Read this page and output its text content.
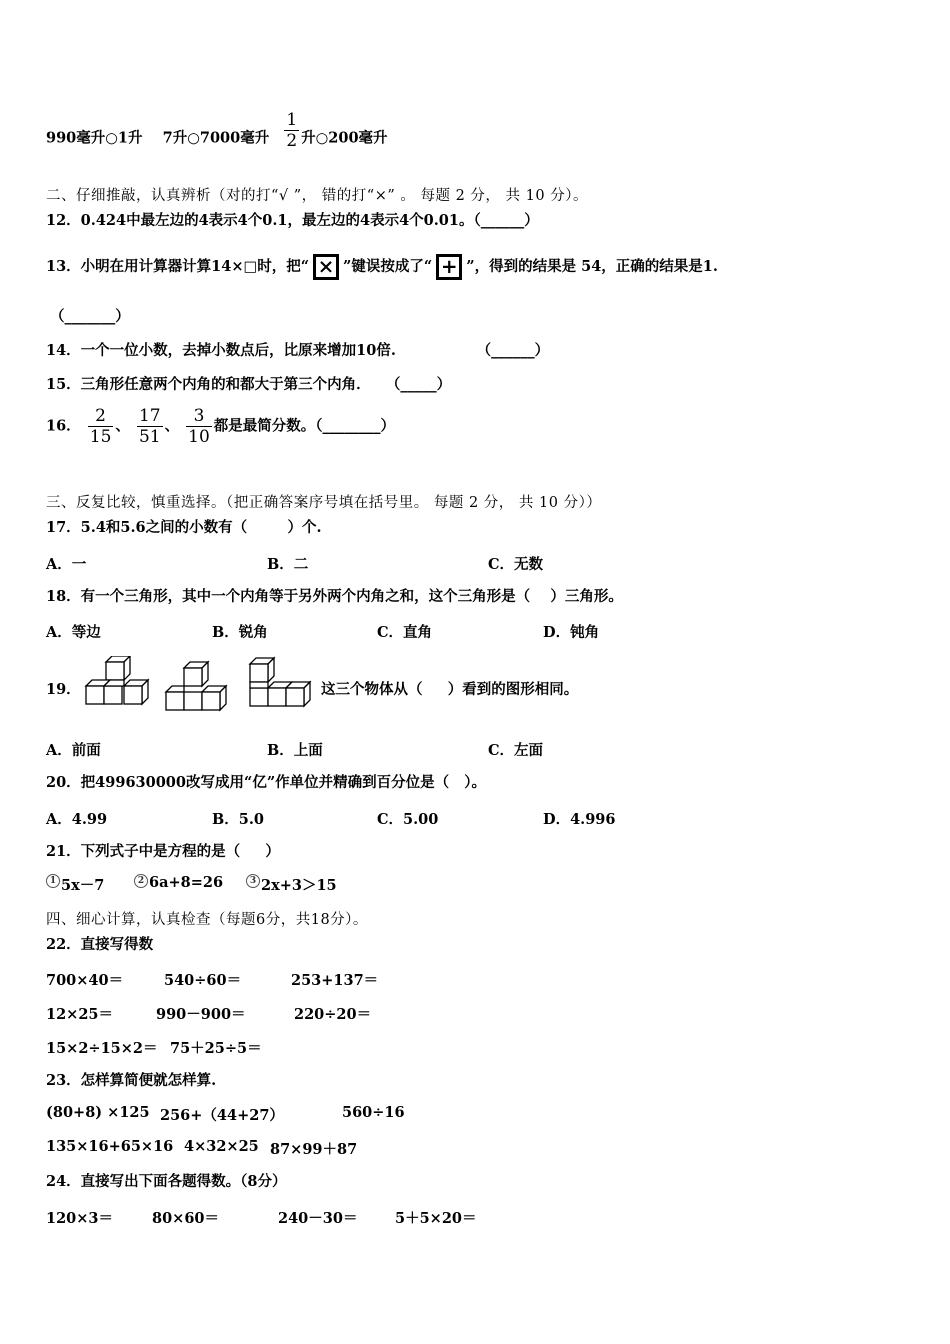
990毫升○1升 7升○7000毫升 $\frac{1}{2}$ 升○200毫升
二、仔细推敲，认真辨析（对的打“√ ”， 错的打“×” 。 每题 2 分， 共 10 分）。
12．0.424中最左边的4表示4个0.1，最左边的4表示4个0.01。（______）
13．小明在用计算器计算14×□时，把“ × ”键误按成了“ + ”，得到的结果是 54，正确的结果是1.
（_______）
14．一个一位小数，去掉小数点后，比原来增加10倍.                （______）
15．三角形任意两个内角的和都大于第三个内角．   （_____）
16． $\frac{2}{15}$ 、 $\frac{17}{51}$ 、 $\frac{3}{10}$ 都是最简分数。（________）
三、反复比较，慎重选择。（把正确答案序号填在括号里。 每题 2 分， 共 10 分））
17．5.4和5.6之间的小数有（        ）个.
A．一	B．二	C．无数
18．有一个三角形，其中一个内角等于另外两个内角之和，这个三角形是（    ）三角形。
A．等边	B．锐角	C．直角	D．钝角
19．	这三个物体从（     ）看到的图形相同。
A．前面	B．上面	C．左面
20．把499630000改写成用“亿”作单位并精确到百分位是（   ）。
A．4.99	B．5.0	C．5.00	D．4.996
21．下列式子中是方程的是（     ）
1 5x－7	2 6a+8=26	3 2x+3＞15
四、细心计算，认真检查（每题6分，共18分）。
22．直接写得数
700×40＝	540÷60＝	253+137＝
12×25＝	990－900＝	220÷20＝
15×2÷15×2＝ 75＋25÷5＝
23．怎样算简便就怎样算.
(80+8) ×125 256+（44+27）	560÷16
135×16+65×16 4×32×25 87×99＋87
24．直接写出下面各题得数。（8分）
120×3＝	80×60＝	240－30＝	5＋5×20＝
